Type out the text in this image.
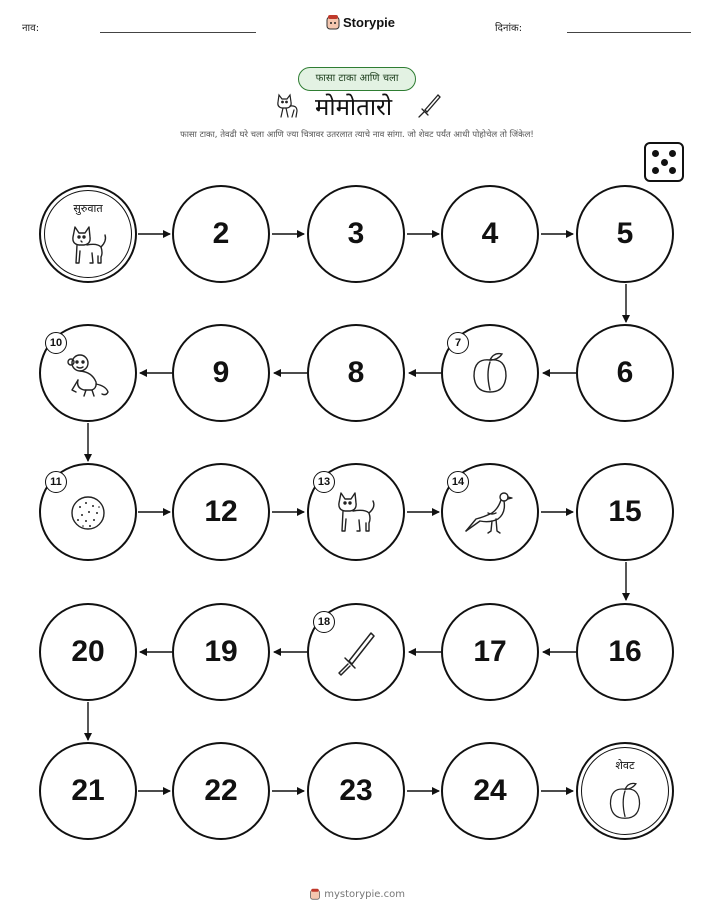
नाव:	Storypie	दिनांक:
फासा टाका आणि चला
मोमोतारो
फासा टाका, तेवढी घरे चला आणि ज्या चित्रावर उतरलात त्याचे नाव सांगा. जो शेवट पर्यंत आधी पोहोचेल तो जिंकेल!
सुरुवात
2	3	4	5
10
9	8
7
6
11
12
13	14
15
20	19
18
17	16
21	22	23	24
शेवट
mystorypie.com
